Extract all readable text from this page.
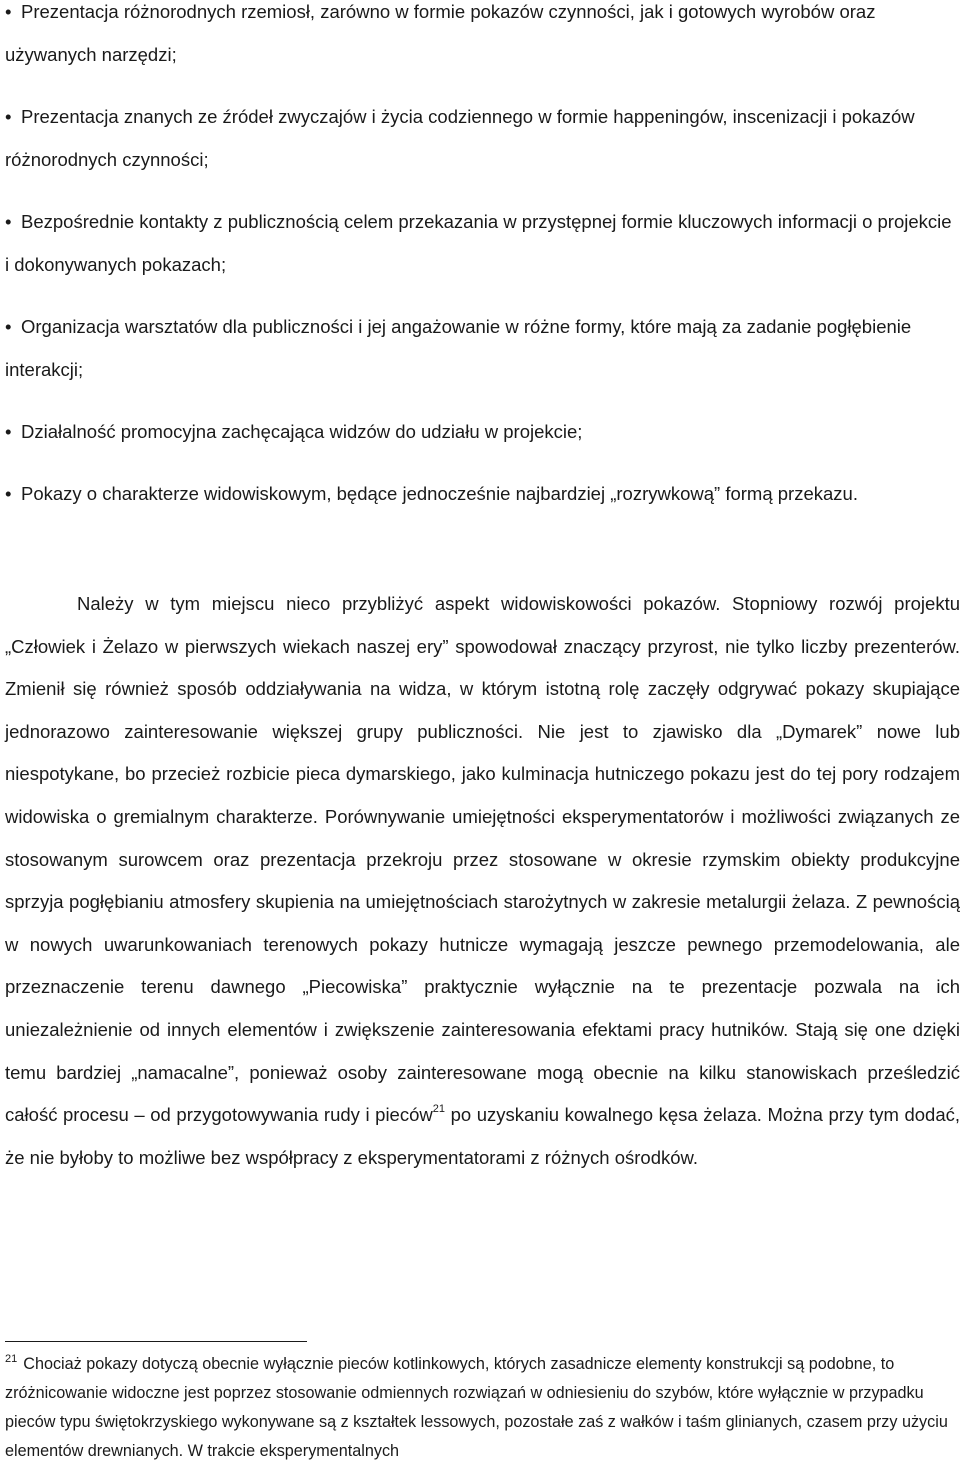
• Prezentacja różnorodnych rzemiosł, zarówno w formie pokazów czynności, jak i gotowych wyrobów oraz używanych narzędzi;
• Prezentacja znanych ze źródeł zwyczajów i życia codziennego w formie happeningów, inscenizacji i pokazów różnorodnych czynności;
• Bezpośrednie kontakty z publicznością celem przekazania w przystępnej formie kluczowych informacji o projekcie i dokonywanych pokazach;
• Organizacja warsztatów dla publiczności i jej angażowanie w różne formy, które mają za zadanie pogłębienie interakcji;
• Działalność promocyjna zachęcająca widzów do udziału w projekcie;
• Pokazy o charakterze widowiskowym, będące jednocześnie najbardziej „rozrywkową” formą przekazu.

Należy w tym miejscu nieco przybliżyć aspekt widowiskowości pokazów. Stopniowy rozwój projektu „Człowiek i Żelazo w pierwszych wiekach naszej ery” spowodował znaczący przyrost, nie tylko liczby prezenterów. Zmienił się również sposób oddziaływania na widza, w którym istotną rolę zaczęły odgrywać pokazy skupiające jednorazowo zainteresowanie większej grupy publiczności. Nie jest to zjawisko dla „Dymarek” nowe lub niespotykane, bo przecież rozbicie pieca dymarskiego, jako kulminacja hutniczego pokazu jest do tej pory rodzajem widowiska o gremialnym charakterze. Porównywanie umiejętności eksperymentatorów i możliwości związanych ze stosowanym surowcem oraz prezentacja przekroju przez stosowane w okresie rzymskim obiekty produkcyjne sprzyja pogłębianiu atmosfery skupienia na umiejętnościach starożytnych w zakresie metalurgii żelaza. Z pewnością w nowych uwarunkowaniach terenowych pokazy hutnicze wymagają jeszcze pewnego przemodelowania, ale przeznaczenie terenu dawnego „Piecowiska” praktycznie wyłącznie na te prezentacje pozwala na ich uniezależnienie od innych elementów i zwiększenie zainteresowania efektami pracy hutników. Stają się one dzięki temu bardziej „namacalne”, ponieważ osoby zainteresowane mogą obecnie na kilku stanowiskach prześledzić całość procesu – od przygotowywania rudy i pieców$^{21}$ po uzyskaniu kowalnego kęsa żelaza. Można przy tym dodać, że nie byłoby to możliwe bez współpracy z eksperymentatorami z różnych ośrodków.

$^{21}$ Chociaż pokazy dotyczą obecnie wyłącznie pieców kotlinkowych, których zasadnicze elementy konstrukcji są podobne, to zróżnicowanie widoczne jest poprzez stosowanie odmiennych rozwiązań w odniesieniu do szybów, które wyłącznie w przypadku pieców typu świętokrzyskiego wykonywane są z kształtek lessowych, pozostałe zaś z wałków i taśm glinianych, czasem przy użyciu elementów drewnianych. W trakcie eksperymentalnych
